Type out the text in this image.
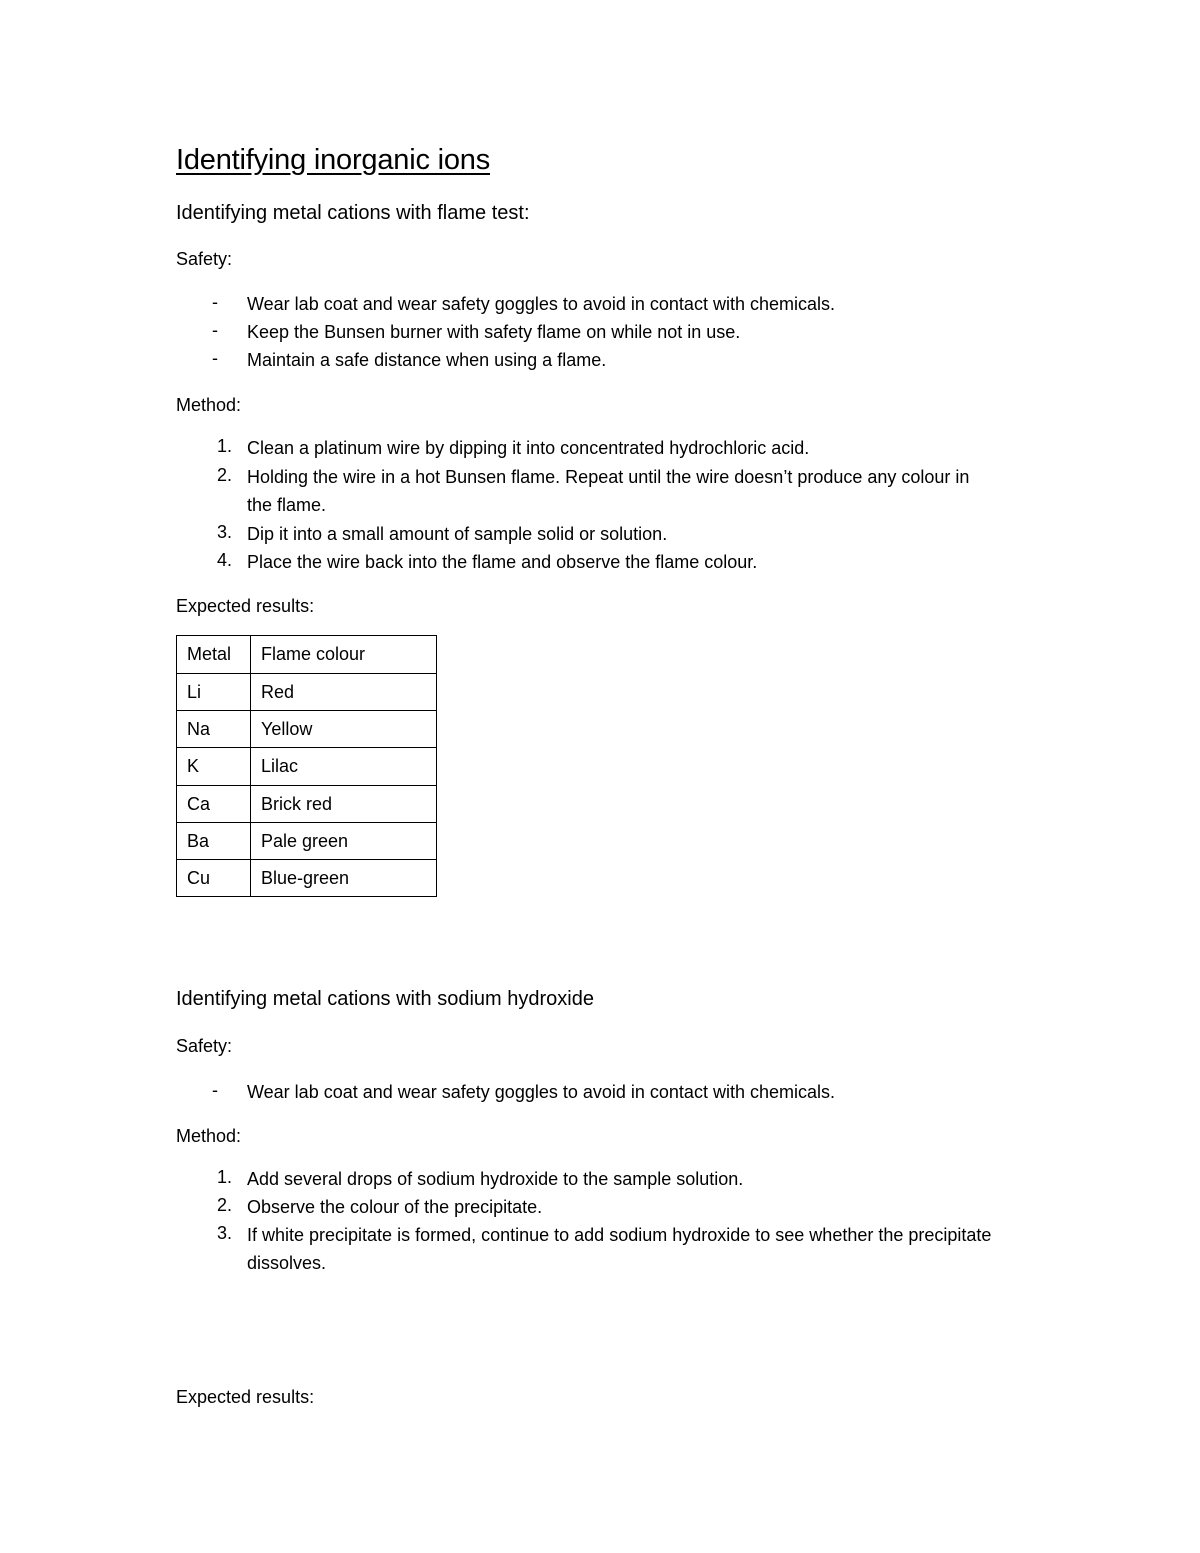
Identifying inorganic ions
Identifying metal cations with flame test:
Safety:
- Wear lab coat and wear safety goggles to avoid in contact with chemicals.
- Keep the Bunsen burner with safety flame on while not in use.
- Maintain a safe distance when using a flame.
Method:
1. Clean a platinum wire by dipping it into concentrated hydrochloric acid.
2. Holding the wire in a hot Bunsen flame. Repeat until the wire doesn’t produce any colour in the flame.
3. Dip it into a small amount of sample solid or solution.
4. Place the wire back into the flame and observe the flame colour.
Expected results:
Metal	Flame colour
Li	Red
Na	Yellow
K	Lilac
Ca	Brick red
Ba	Pale green
Cu	Blue-green
Identifying metal cations with sodium hydroxide
Safety:
- Wear lab coat and wear safety goggles to avoid in contact with chemicals.
Method:
1. Add several drops of sodium hydroxide to the sample solution.
2. Observe the colour of the precipitate.
3. If white precipitate is formed, continue to add sodium hydroxide to see whether the precipitate dissolves.
Expected results:
